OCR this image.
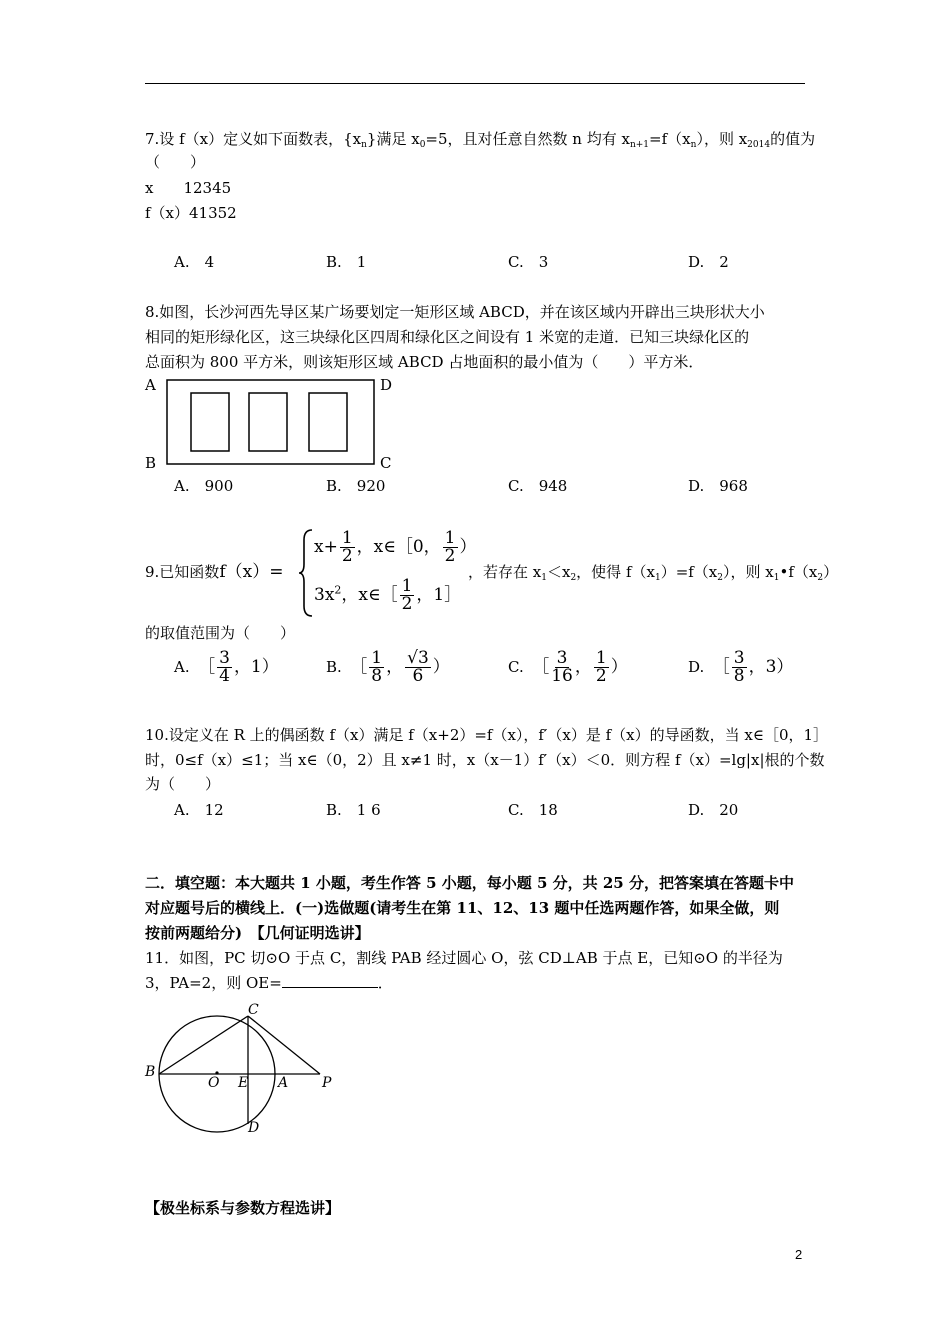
7.设 f（x）定义如下面数表，$\{x_n\}$满足 $x_0=5$，且对任意自然数 n 均有 $x_{n+1}=f(x_n)$，则 $x_{2014}$的值为
（　　）
x　　12345
f（x）41352
A.　4	B.　1	C.　3	D.　2
8.如图，长沙河西先导区某广场要划定一矩形区域 ABCD，并在该区域内开辟出三块形状大小
相同的矩形绿化区，这三块绿化区四周和绿化区之间设有 1 米宽的走道．已知三块绿化区的
总面积为 800 平方米，则该矩形区域 ABCD 占地面积的最小值为（　　）平方米．
A	D
B	C
A.　900	B.　920	C.　948	D.　968
9.已知函数f（x）=
$x+ \frac{1}{2}$ ，x∈［0， $\frac{1}{2}$ ）
$3x^2$，x∈［ $\frac{1}{2}$ ，1］
，若存在 $x_1<x_2$，使得 $f(x_1)=f(x_2)$，则 $x_1•f(x_2)$
的取值范围为（　　）
A.　 ［ $\frac{3}{4}$ ，1）	B.　 ［ $\frac{1}{8}$ ， $\frac{√3}{6}$ ）	C.　 ［ $\frac{3}{16}$ ， $\frac{1}{2}$ ）	D.　 ［ $\frac{3}{8}$ ，3）
10.设定义在 R 上的偶函数 f（x）满足 f（x+2）=f（x），f′（x）是 f（x）的导函数，当 x∈［0，1］
时，0≤f（x）≤1；当 x∈（0，2）且 x≠1 时，x（x－1）f′（x）＜0．则方程 f（x）=lg|x|根的个数
为（　　）
A.　12	B.　1 6	C.　18	D.　20
二．填空题：本大题共 1 小题，考生作答 5 小题，每小题 5 分，共 25 分，把答案填在答题卡中
对应题号后的横线上．(一)选做题(请考生在第 11、12、13 题中任选两题作答，如果全做，则
按前两题给分)　【几何证明选讲】
11．如图，PC 切⊙O 于点 C，割线 PAB 经过圆心 O，弦 CD⊥AB 于点 E，已知⊙O 的半径为
3，PA=2，则 OE=	．
B
O E A P
C
D
【极坐标系与参数方程选讲】
2
